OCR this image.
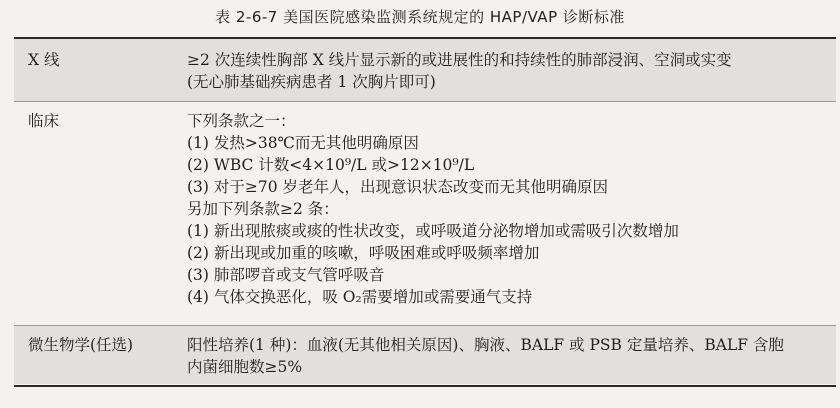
表 2-6-7 美国医院感染监测系统规定的 HAP/VAP 诊断标准
X 线	≥2 次连续性胸部 X 线片显示新的或进展性的和持续性的肺部浸润、空洞或实变
(无心肺基础疾病患者 1 次胸片即可)
临床	下列条款之一：
(1) 发热>38℃而无其他明确原因
(2) WBC 计数<4×10⁹/L 或>12×10⁹/L
(3) 对于≥70 岁老年人，出现意识状态改变而无其他明确原因
另加下列条款≥2 条：
(1) 新出现脓痰或痰的性状改变，或呼吸道分泌物增加或需吸引次数增加
(2) 新出现或加重的咳嗽，呼吸困难或呼吸频率增加
(3) 肺部啰音或支气管呼吸音
(4) 气体交换恶化，吸 O₂需要增加或需要通气支持
微生物学(任选)	阳性培养(1 种)：血液(无其他相关原因)、胸液、BALF 或 PSB 定量培养、BALF 含胞
内菌细胞数≥5%
